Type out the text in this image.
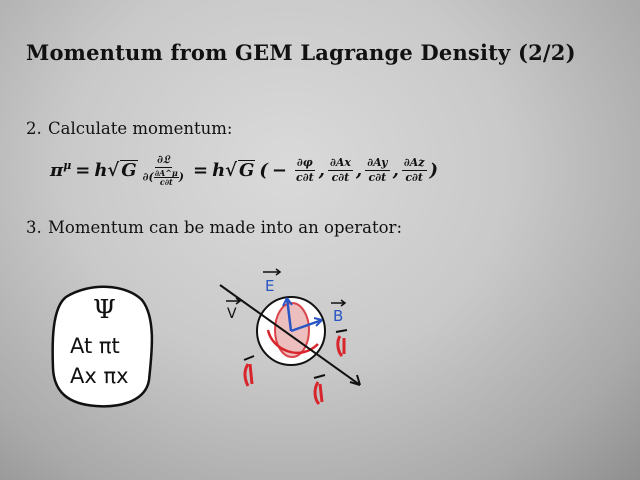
Momentum from GEM Lagrange Density (2/2)
2. Calculate momentum:
$\pi^\mu = h√$ G $\frac{\text{∂𝔏}}{\partial( \frac{\partial A\^{}\mu}{c\partial t} )} = h√$ G ( − $\frac{\partial\varphi}{c\partial t}$ , $\frac{\partial Ax}{c\partial t}$ , $\frac{\partial Ay}{c\partial t}$ , $\frac{\partial Az}{c\partial t}$ )
3. Momentum can be made into an operator:
Ψ
At πt
Ax πx
E
B
V
